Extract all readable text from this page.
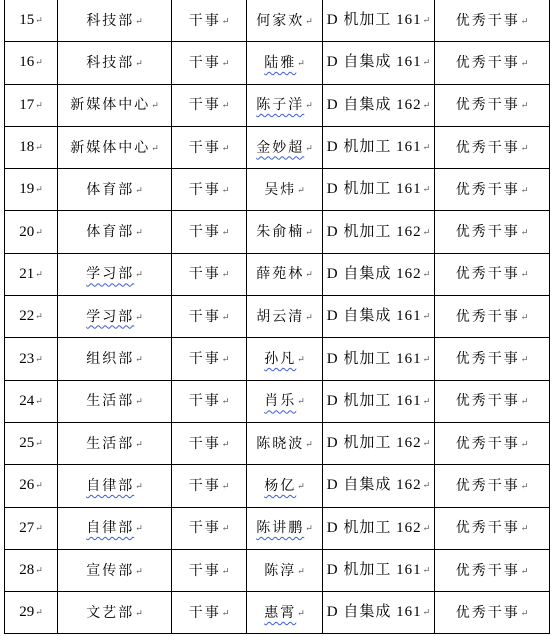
15↵	科技部↵	干事↵	何家欢↵	D 机加工 161↵	优秀干事↵
16↵	科技部↵	干事↵	陆雅↵	D 自集成 161↵	优秀干事↵
17↵	新媒体中心↵	干事↵	陈子洋↵	D 自集成 162↵	优秀干事↵
18↵	新媒体中心↵	干事↵	金妙超↵	D 机加工 161↵	优秀干事↵
19↵	体育部↵	干事↵	吴炜↵	D 机加工 161↵	优秀干事↵
20↵	体育部↵	干事↵	朱俞楠↵	D 机加工 162↵	优秀干事↵
21↵	学习部↵	干事↵	薛苑林↵	D 自集成 162↵	优秀干事↵
22↵	学习部↵	干事↵	胡云清↵	D 自集成 161↵	优秀干事↵
23↵	组织部↵	干事↵	孙凡↵	D 机加工 161↵	优秀干事↵
24↵	生活部↵	干事↵	肖乐↵	D 机加工 161↵	优秀干事↵
25↵	生活部↵	干事↵	陈晓波↵	D 机加工 162↵	优秀干事↵
26↵	自律部↵	干事↵	杨亿↵	D 自集成 162↵	优秀干事↵
27↵	自律部↵	干事↵	陈讲鹏↵	D 机加工 162↵	优秀干事↵
28↵	宣传部↵	干事↵	陈淳↵	D 机加工 161↵	优秀干事↵
29↵	文艺部↵	干事↵	惠霄↵	D 自集成 161↵	优秀干事↵
